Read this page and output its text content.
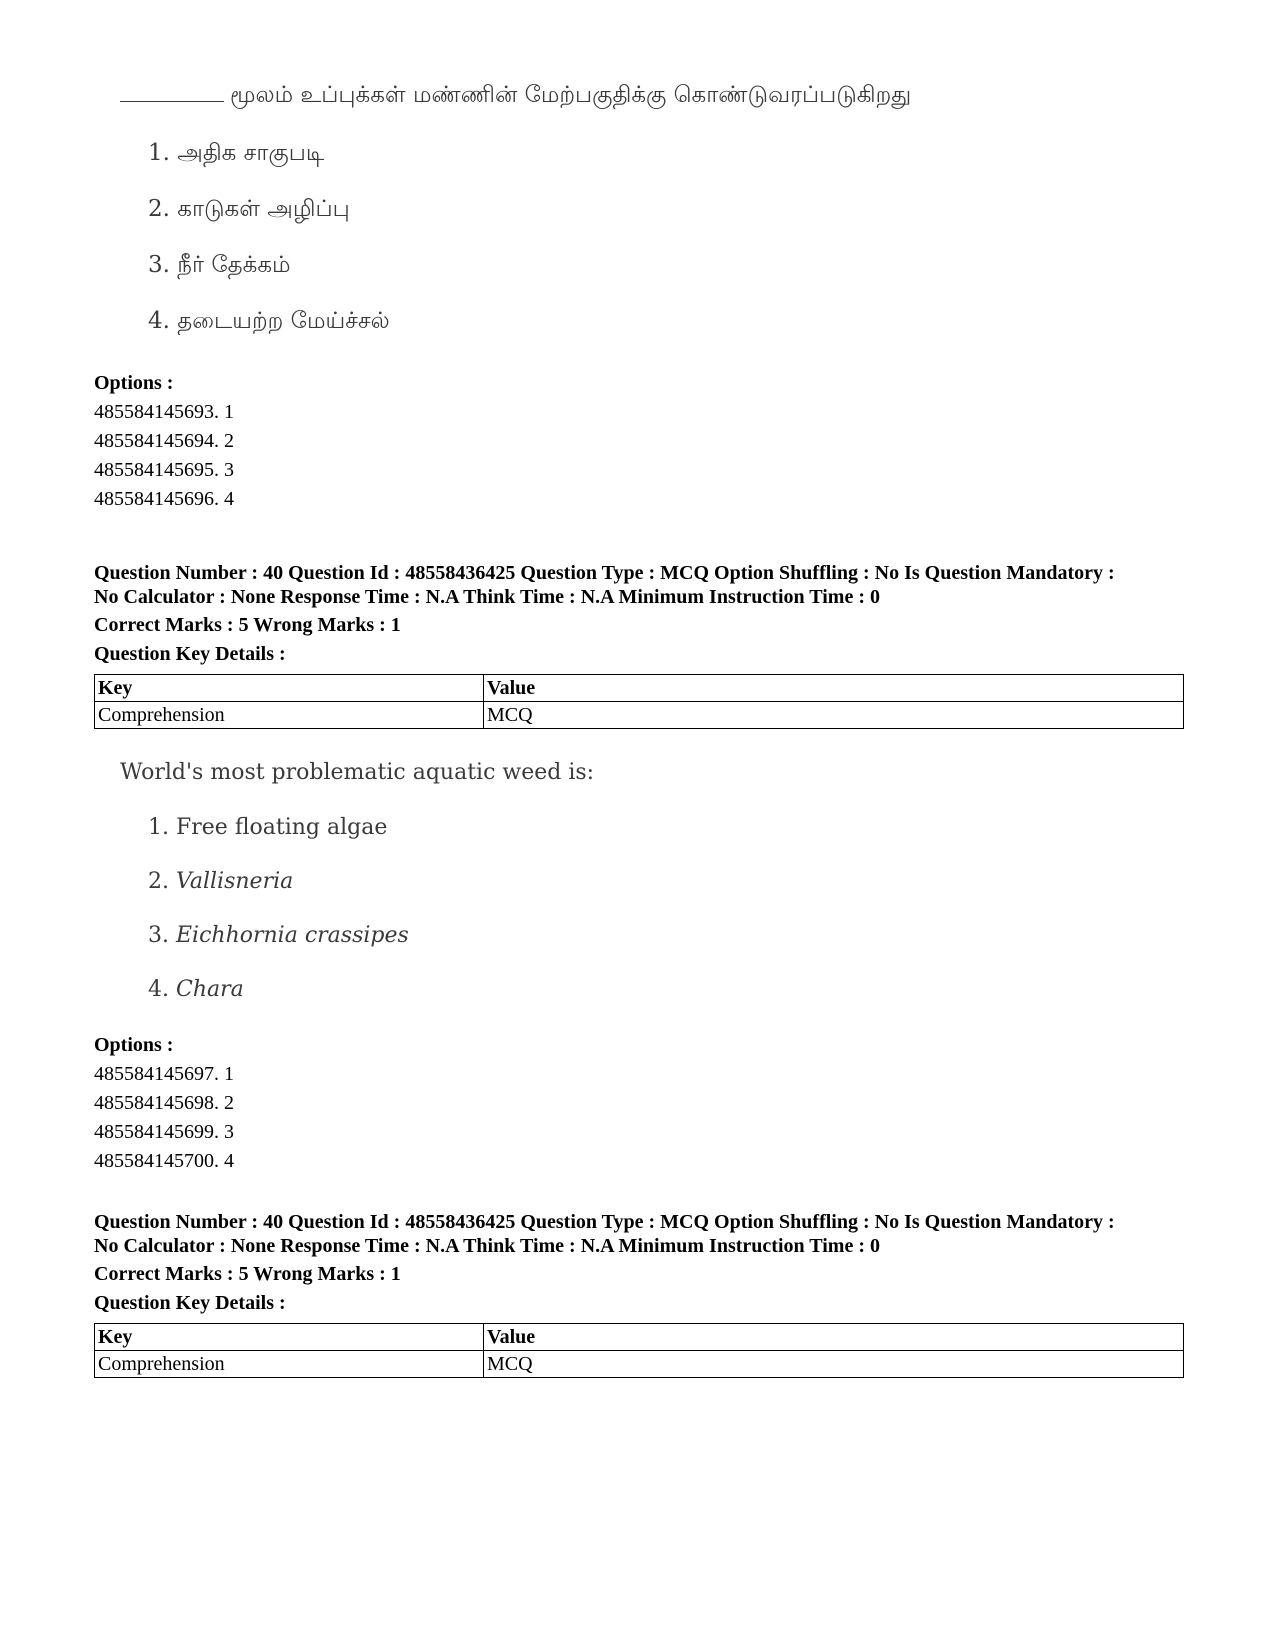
மூலம் உப்புக்கள் மண்ணின் மேற்பகுதிக்கு கொண்டுவரப்படுகிறது
1. அதிக சாகுபடி
2. காடுகள் அழிப்பு
3. நீர் தேக்கம்
4. தடையற்ற மேய்ச்சல்
Options :
485584145693. 1
485584145694. 2
485584145695. 3
485584145696. 4
Question Number : 40 Question Id : 48558436425 Question Type : MCQ Option Shuffling : No Is Question Mandatory :
No Calculator : None Response Time : N.A Think Time : N.A Minimum Instruction Time : 0
Correct Marks : 5 Wrong Marks : 1
Question Key Details :
Key	Value
Comprehension	MCQ
World's most problematic aquatic weed is:
1. Free floating algae
2. Vallisneria
3. Eichhornia crassipes
4. Chara
Options :
485584145697. 1
485584145698. 2
485584145699. 3
485584145700. 4
Question Number : 40 Question Id : 48558436425 Question Type : MCQ Option Shuffling : No Is Question Mandatory :
No Calculator : None Response Time : N.A Think Time : N.A Minimum Instruction Time : 0
Correct Marks : 5 Wrong Marks : 1
Question Key Details :
Key	Value
Comprehension	MCQ
